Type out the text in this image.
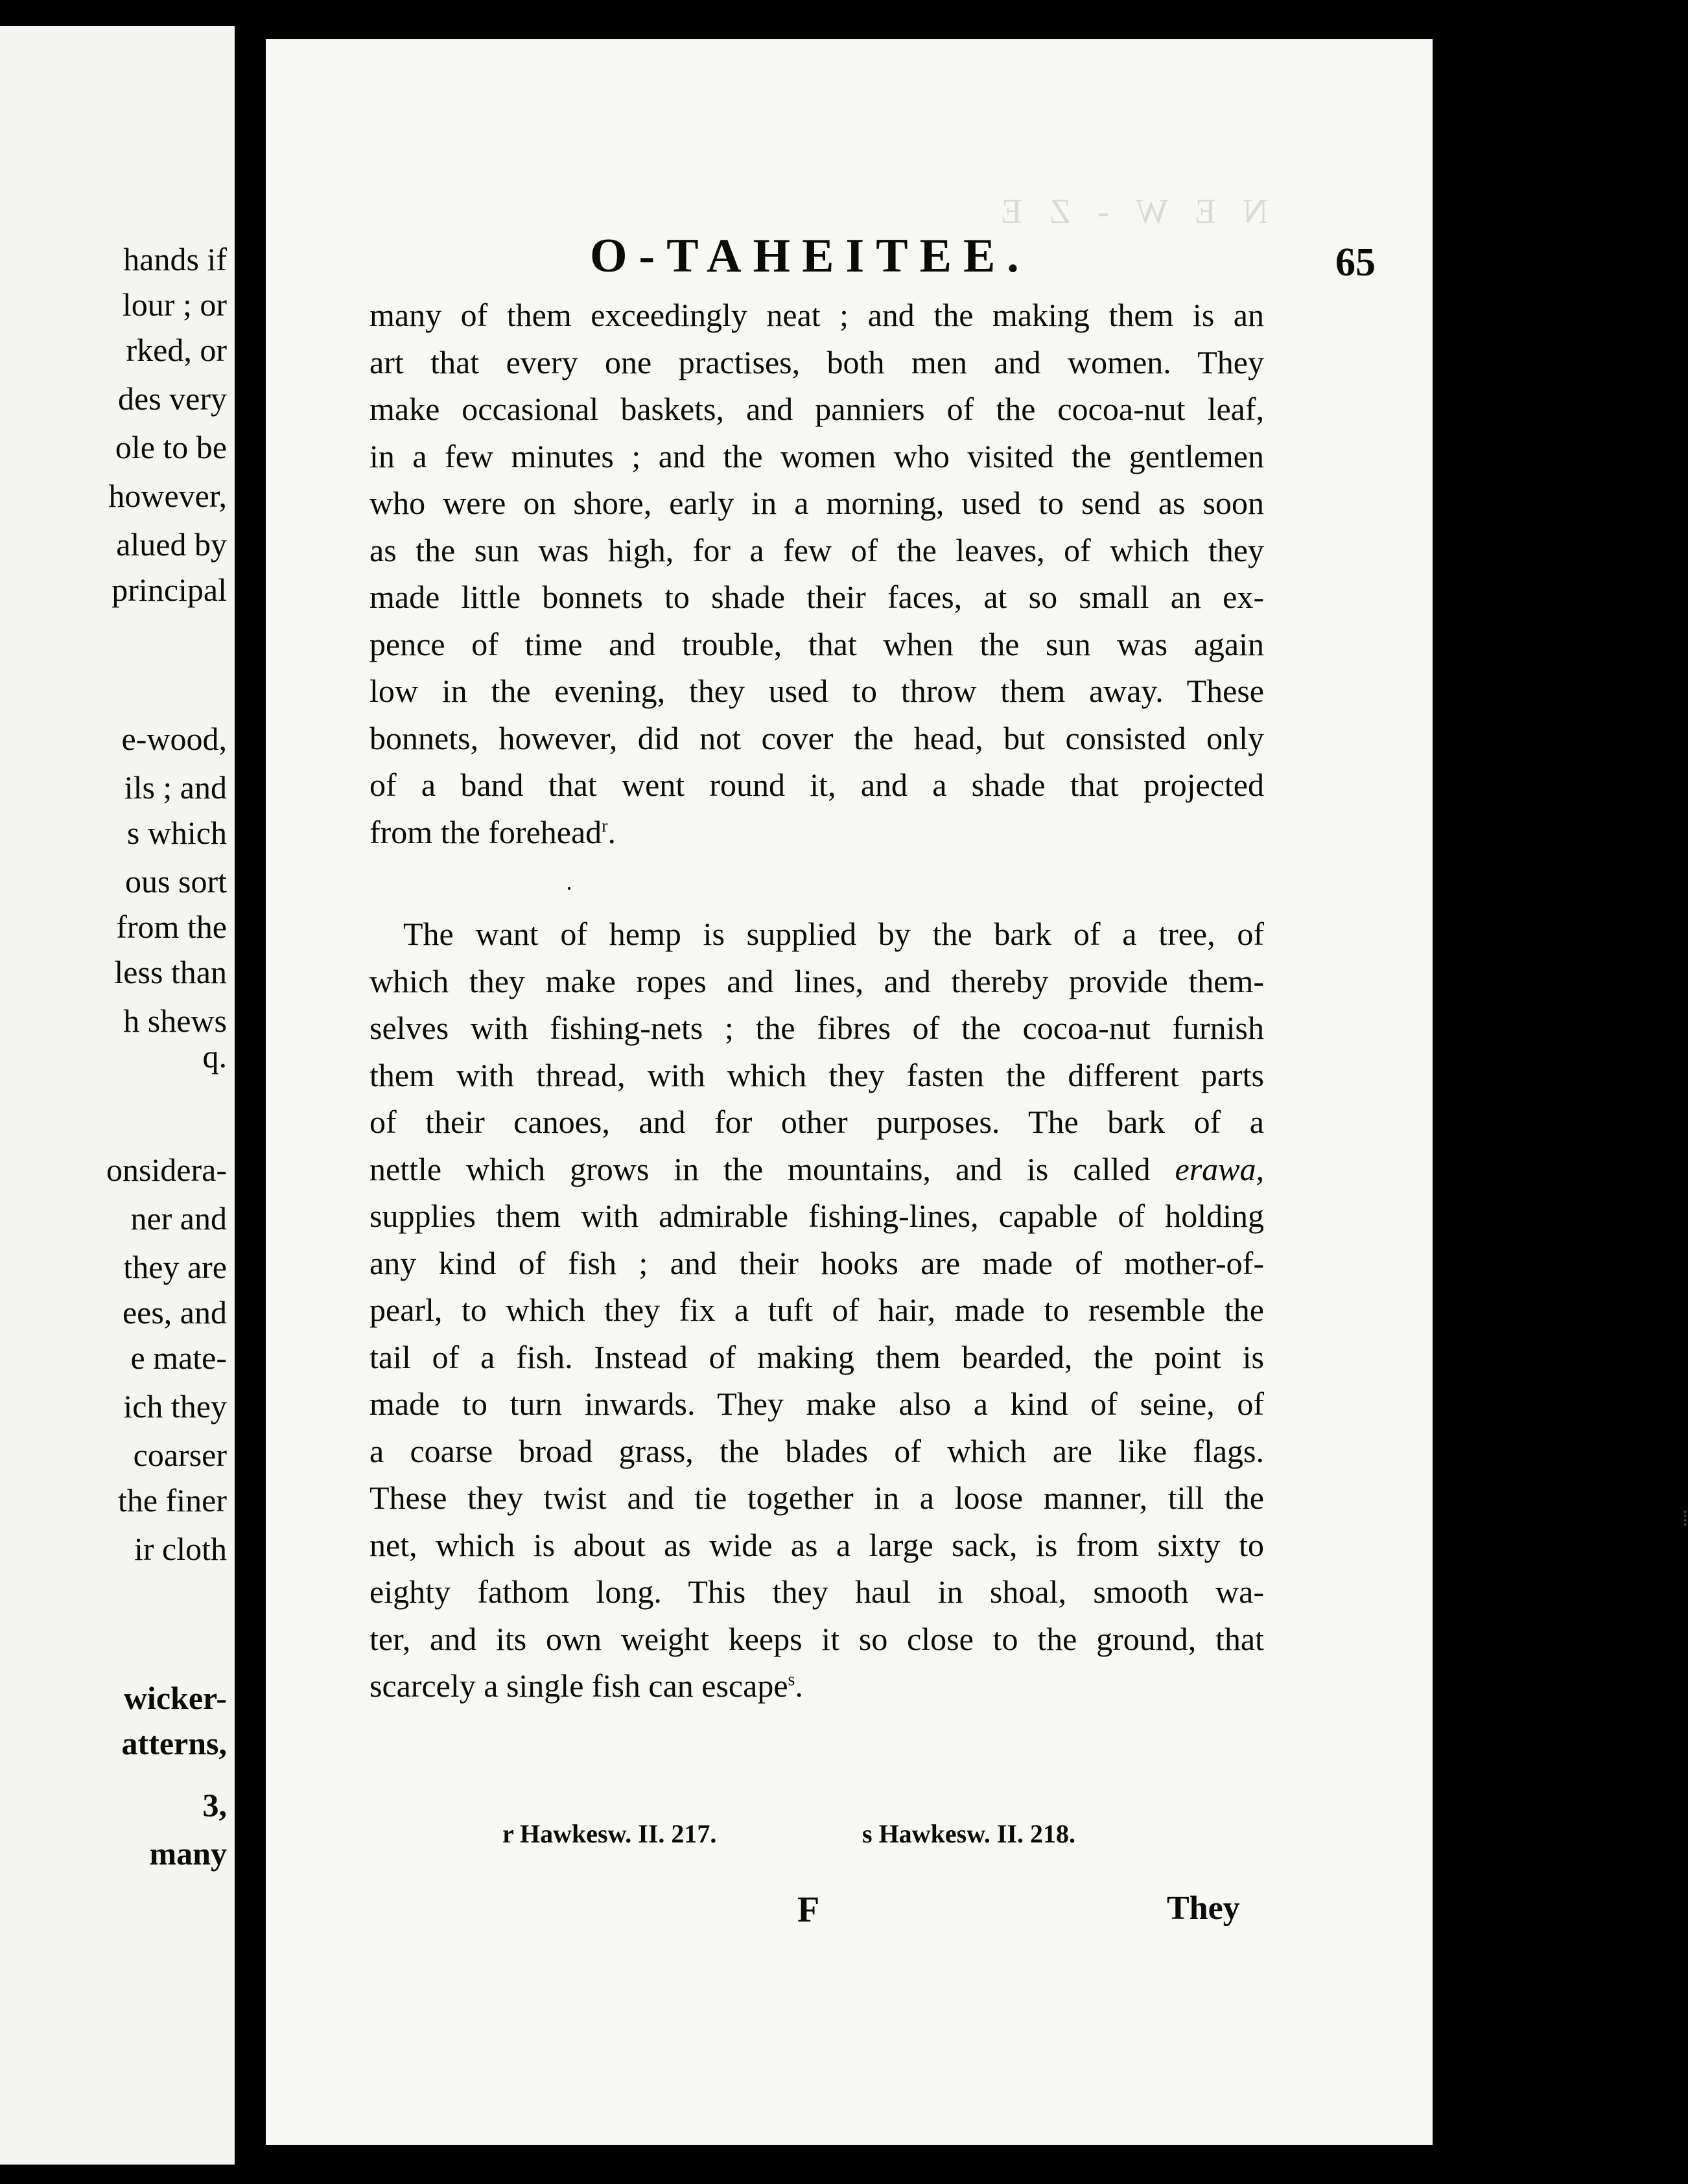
hands if
lour ; or
rked, or
des very
ole to be
however,
alued by
principal
e-wood,
ils ; and
s which
ous sort
from the
less than
h shews
q.
onsidera-
ner and
they are
ees, and
e mate-
ich they
coarser
the finer
ir cloth
wicker-
atterns,
3,
many
N E W - Z E
O-TAHEITEE.	65
many of them exceedingly neat ; and the making them is an
art that every one practises, both men and women. They
make occasional baskets, and panniers of the cocoa-nut leaf,
in a few minutes ; and the women who visited the gentlemen
who were on shore, early in a morning, used to send as soon
as the sun was high, for a few of the leaves, of which they
made little bonnets to shade their faces, at so small an ex-
pence of time and trouble, that when the sun was again
low in the evening, they used to throw them away. These
bonnets, however, did not cover the head, but consisted only
of a band that went round it, and a shade that projected
from the forehead$^r$.
·
The want of hemp is supplied by the bark of a tree, of
which they make ropes and lines, and thereby provide them-
selves with fishing-nets ; the fibres of the cocoa-nut furnish
them with thread, with which they fasten the different parts
of their canoes, and for other purposes. The bark of a
nettle which grows in the mountains, and is called erawa,
supplies them with admirable fishing-lines, capable of holding
any kind of fish ; and their hooks are made of mother-of-
pearl, to which they fix a tuft of hair, made to resemble the
tail of a fish. Instead of making them bearded, the point is
made to turn inwards. They make also a kind of seine, of
a coarse broad grass, the blades of which are like flags.
These they twist and tie together in a loose manner, till the
net, which is about as wide as a large sack, is from sixty to
eighty fathom long. This they haul in shoal, smooth wa-
ter, and its own weight keeps it so close to the ground, that
scarcely a single fish can escape$^s$.
r Hawkesw. II. 217.	s Hawkesw. II. 218.
F	They
⁞
